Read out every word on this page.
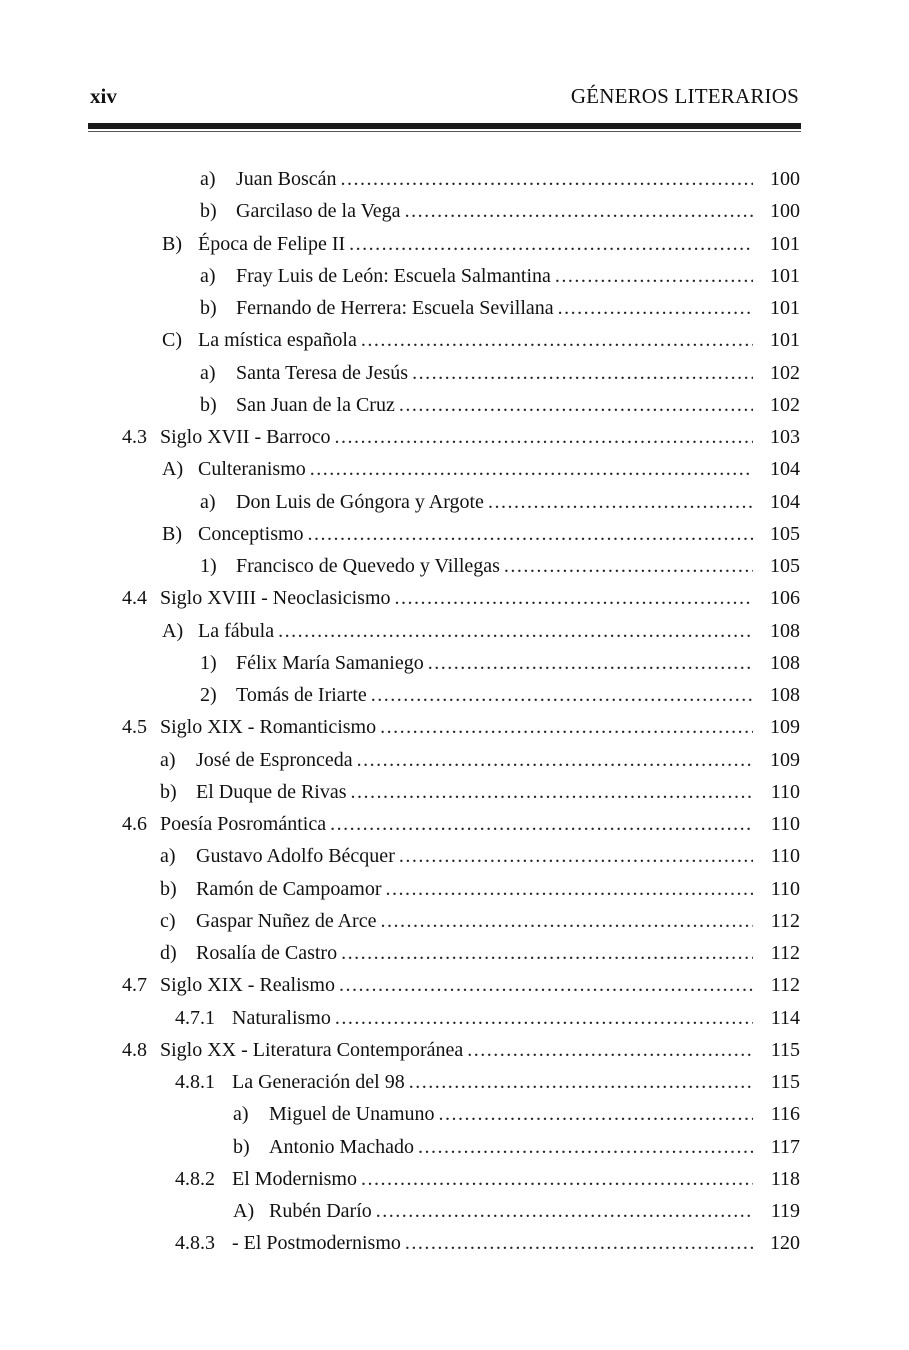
xiv	GÉNEROS LITERARIOS
a)	Juan Boscán .....	100
b) Garcilaso de la Vega .....	100
B) Época de Felipe II .....	101
a)	Fray Luis de León: Escuela Salmantina .....	101
b) Fernando de Herrera: Escuela Sevillana .....	101
C) La mística española .....	101
a)	Santa Teresa de Jesús .....	102
b) San Juan de la Cruz .....	102
4.3 Siglo XVII - Barroco .....	103
A) Culteranismo .....	104
a)	Don Luis de Góngora y Argote .....	104
B) Conceptismo .....	105
1) Francisco de Quevedo y Villegas .....	105
4.4 Siglo XVIII - Neoclasicismo .....	106
A) La fábula .....	108
1) Félix María Samaniego .....	108
2) Tomás de Iriarte .....	108
4.5 Siglo XIX - Romanticismo .....	109
a)	José de Espronceda .....	109
b) El Duque de Rivas .....	110
4.6 Poesía Posromántica .....	110
a)	Gustavo Adolfo Bécquer .....	110
b) Ramón de Campoamor .....	110
c)	Gaspar Nuñez de Arce .....	112
d) Rosalía de Castro .....	112
4.7 Siglo XIX - Realismo .....	112
4.7.1 Naturalismo .....	114
4.8 Siglo XX - Literatura Contemporánea .....	115
4.8.1 La Generación del 98 .....	115
a)	Miguel de Unamuno .....	116
b) Antonio Machado .....	117
4.8.2 El Modernismo .....	118
A) Rubén Darío .....	119
4.8.3 - El Postmodernismo .....	120
